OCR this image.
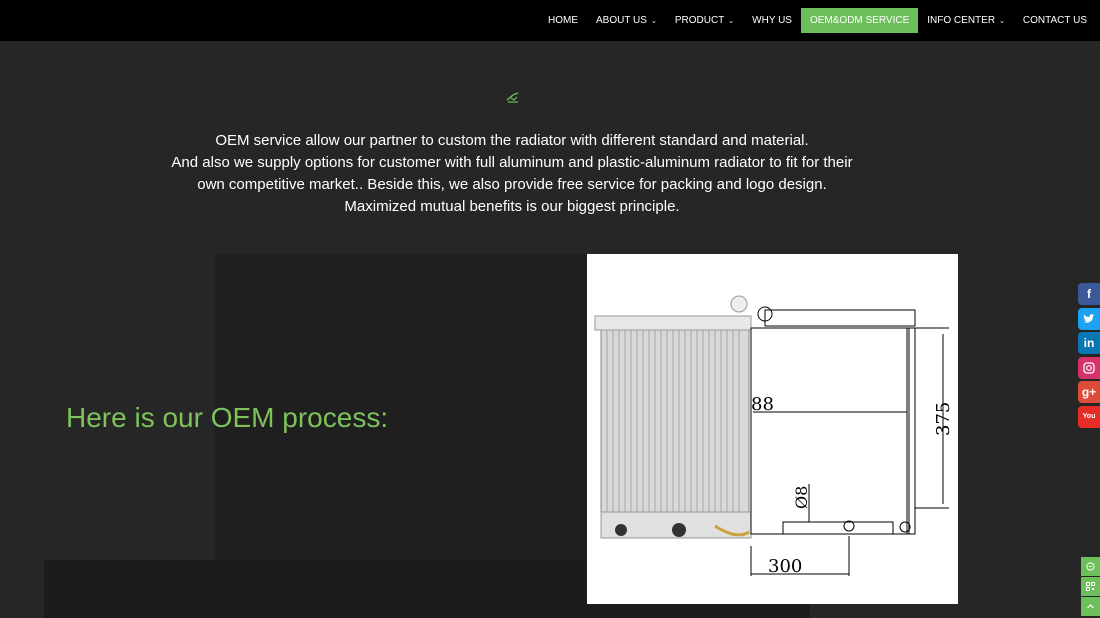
HOME ABOUT US ⌄ PRODUCT ⌄ WHY US OEM&ODM SERVICE INFO CENTER ⌄ CONTACT US
OEM service allow our partner to custom the radiator with different standard and material.
And also we supply options for customer with full aluminum and plastic-aluminum radiator to fit for their own competitive market.. Beside this, we also provide free service for packing and logo design. Maximized mutual benefits is our biggest principle.
Here is our OEM process:	88
300
375
Ø8
f
in
g+
You
